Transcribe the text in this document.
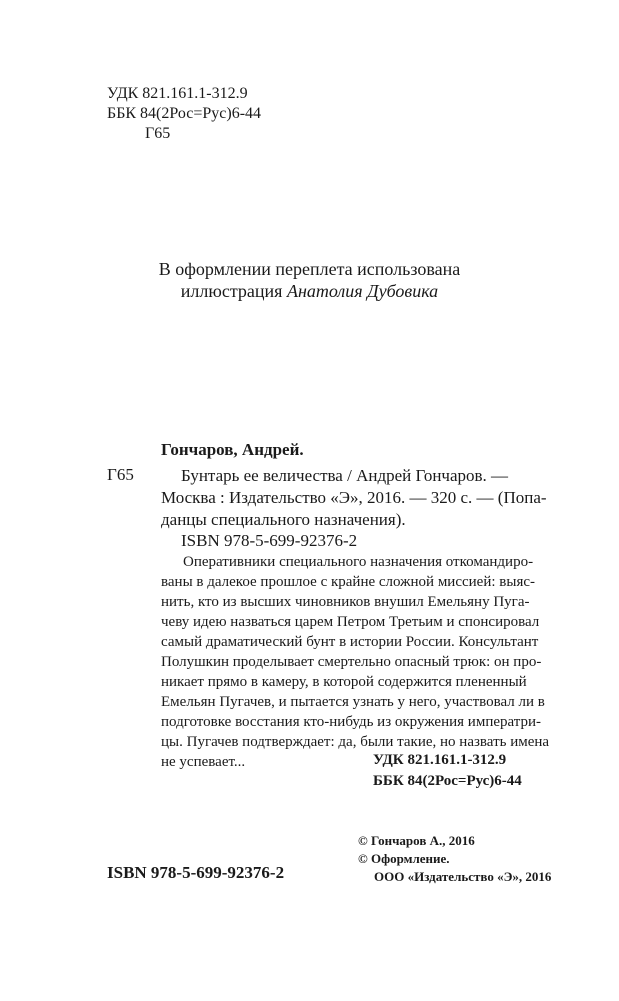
УДК 821.161.1-312.9
ББК 84(2Рос=Рус)6-44
Г65
В оформлении переплета использована
иллюстрация Анатолия Дубовика
Гончаров, Андрей.
Г65	Бунтарь ее величества / Андрей Гончаров. —
Москва : Издательство «Э», 2016. — 320 с. — (Попа-
данцы специального назначения).
ISBN 978-5-699-92376-2
Оперативники специального назначения откомандиро-
ваны в далекое прошлое с крайне сложной миссией: выяс-
нить, кто из высших чиновников внушил Емельяну Пуга-
чеву идею назваться царем Петром Третьим и спонсировал
самый драматический бунт в истории России. Консультант
Полушкин проделывает смертельно опасный трюк: он про-
никает прямо в камеру, в которой содержится плененный
Емельян Пугачев, и пытается узнать у него, участвовал ли в
подготовке восстания кто-нибудь из окружения императри-
цы. Пугачев подтверждает: да, были такие, но назвать имена
не успевает...	УДК 821.161.1-312.9
ББК 84(2Рос=Рус)6-44
© Гончаров А., 2016
© Оформление.
ООО «Издательство «Э», 2016
ISBN 978-5-699-92376-2
